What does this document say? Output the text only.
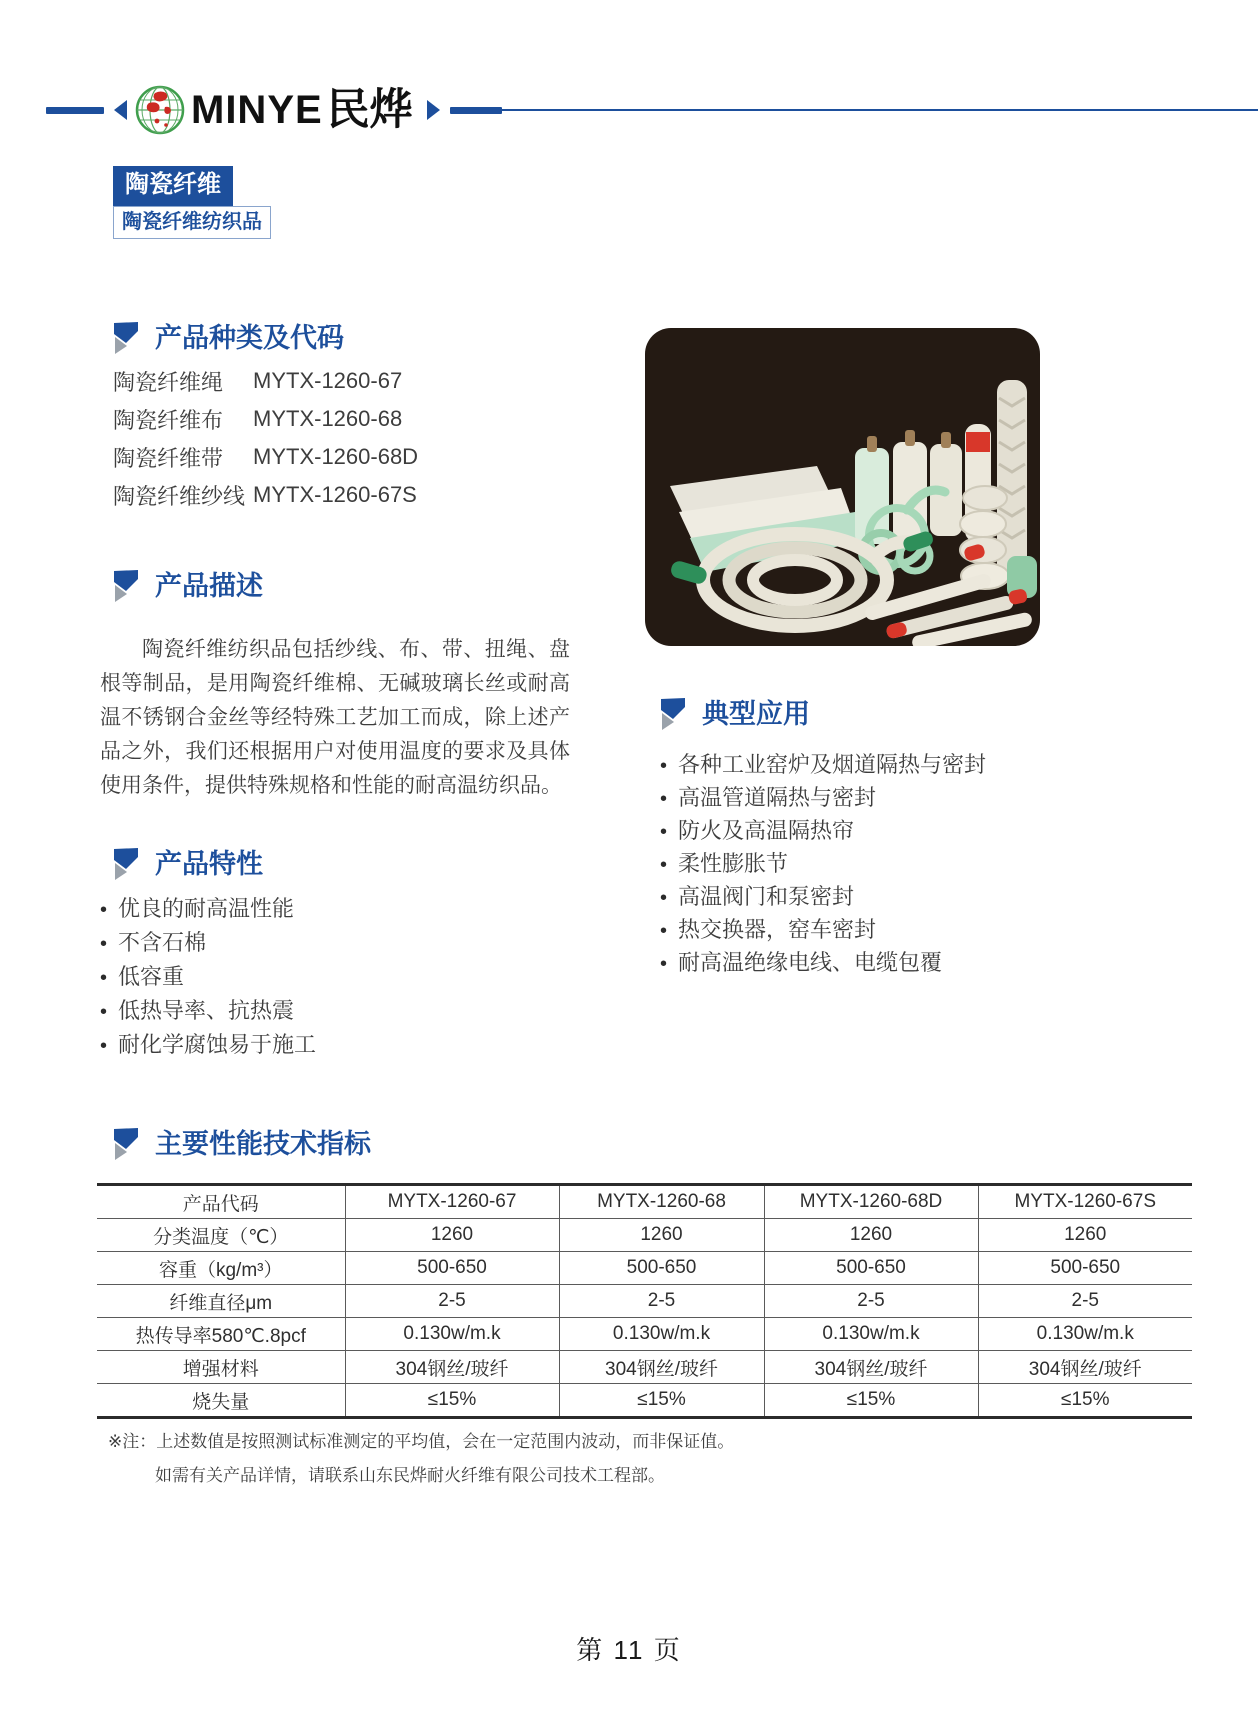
MINYE 民烨
陶瓷纤维
陶瓷纤维纺织品
产品种类及代码
陶瓷纤维绳	MYTX-1260-67
陶瓷纤维布	MYTX-1260-68
陶瓷纤维带	MYTX-1260-68D
陶瓷纤维纱线 MYTX-1260-67S
产品描述

陶瓷纤维纺织品包括纱线、布、带、扭绳、盘根等制品，是用陶瓷纤维棉、无碱玻璃长丝或耐高温不锈钢合金丝等经特殊工艺加工而成，除上述产品之外，我们还根据用户对使用温度的要求及具体使用条件，提供特殊规格和性能的耐高温纺织品。

典型应用
• 各种工业窑炉及烟道隔热与密封
• 高温管道隔热与密封
• 防火及高温隔热帘
• 柔性膨胀节
• 高温阀门和泵密封
• 热交换器，窑车密封
• 耐高温绝缘电线、电缆包覆
产品特性
• 优良的耐高温性能
• 不含石棉
• 低容重
• 低热导率、抗热震
• 耐化学腐蚀易于施工
主要性能技术指标
产品代码	MYTX-1260-67	MYTX-1260-68	MYTX-1260-68D	MYTX-1260-67S
分类温度（℃）	1260	1260	1260	1260
容重（kg/m³）	500-650	500-650	500-650	500-650
纤维直径μm	2-5	2-5	2-5	2-5
热传导率580℃.8pcf	0.130w/m.k	0.130w/m.k	0.130w/m.k	0.130w/m.k
增强材料	304钢丝/玻纤	304钢丝/玻纤	304钢丝/玻纤	304钢丝/玻纤
烧失量	≤15%	≤15%	≤15%	≤15%
※注：上述数值是按照测试标准测定的平均值，会在一定范围内波动，而非保证值。
如需有关产品详情，请联系山东民烨耐火纤维有限公司技术工程部。
第 11 页
